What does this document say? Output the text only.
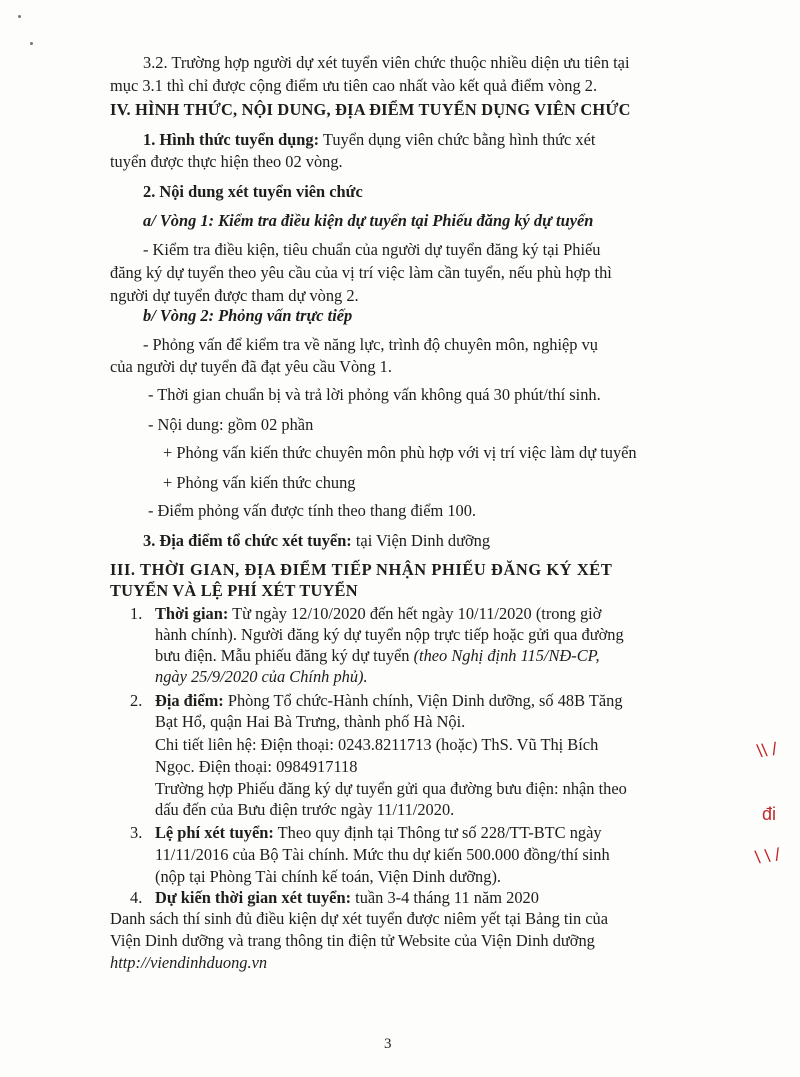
3.2. Trường hợp người dự xét tuyển viên chức thuộc nhiều diện ưu tiên tại
mục 3.1 thì chỉ được cộng điểm ưu tiên cao nhất vào kết quả điểm vòng 2.
IV. HÌNH THỨC, NỘI DUNG, ĐỊA ĐIỂM TUYỂN DỤNG VIÊN CHỨC
1. Hình thức tuyển dụng: Tuyển dụng viên chức bằng hình thức xét
tuyển được thực hiện theo 02 vòng.
2. Nội dung xét tuyển viên chức
a/ Vòng 1: Kiểm tra điều kiện dự tuyển tại Phiếu đăng ký dự tuyển
- Kiểm tra điều kiện, tiêu chuẩn của người dự tuyển đăng ký tại Phiếu
đăng ký dự tuyển theo yêu cầu của vị trí việc làm cần tuyển, nếu phù hợp thì
người dự tuyển được tham dự vòng 2.
b/ Vòng 2: Phỏng vấn trực tiếp
- Phỏng vấn để kiểm tra về năng lực, trình độ chuyên môn, nghiệp vụ
của người dự tuyển đã đạt yêu cầu Vòng 1.
- Thời gian chuẩn bị và trả lời phỏng vấn không quá 30 phút/thí sinh.
- Nội dung: gồm 02 phần
+ Phỏng vấn kiến thức chuyên môn phù hợp với vị trí việc làm dự tuyển
+ Phỏng vấn kiến thức chung
- Điểm phỏng vấn được tính theo thang điểm 100.
3. Địa điểm tổ chức xét tuyển: tại Viện Dinh dưỡng
III. THỜI GIAN, ĐỊA ĐIỂM TIẾP NHẬN PHIẾU ĐĂNG KÝ XÉT
TUYỂN VÀ LỆ PHÍ XÉT TUYỂN
1. Thời gian: Từ ngày 12/10/2020 đến hết ngày 10/11/2020 (trong giờ
hành chính). Người đăng ký dự tuyển nộp trực tiếp hoặc gửi qua đường
bưu điện. Mẫu phiếu đăng ký dự tuyển (theo Nghị định 115/NĐ-CP,
ngày 25/9/2020 của Chính phủ).
2. Địa điểm: Phòng Tổ chức-Hành chính, Viện Dinh dưỡng, số 48B Tăng
Bạt Hổ, quận Hai Bà Trưng, thành phố Hà Nội.
Chi tiết liên hệ: Điện thoại: 0243.8211713 (hoặc) ThS. Vũ Thị Bích
Ngọc. Điện thoại: 0984917118
Trường hợp Phiếu đăng ký dự tuyển gửi qua đường bưu điện: nhận theo
dấu đến của Bưu điện trước ngày 11/11/2020.
3. Lệ phí xét tuyển: Theo quy định tại Thông tư số 228/TT-BTC ngày
11/11/2016 của Bộ Tài chính. Mức thu dự kiến 500.000 đồng/thí sinh
(nộp tại Phòng Tài chính kế toán, Viện Dinh dưỡng).
4. Dự kiến thời gian xét tuyển: tuần 3-4 tháng 11 năm 2020
Danh sách thí sinh đủ điều kiện dự xét tuyển được niêm yết tại Bảng tin của
Viện Dinh dưỡng và trang thông tin điện tử Website của Viện Dinh dưỡng
http://viendinhduong.vn
3
\\ /
đi
\ \ /
